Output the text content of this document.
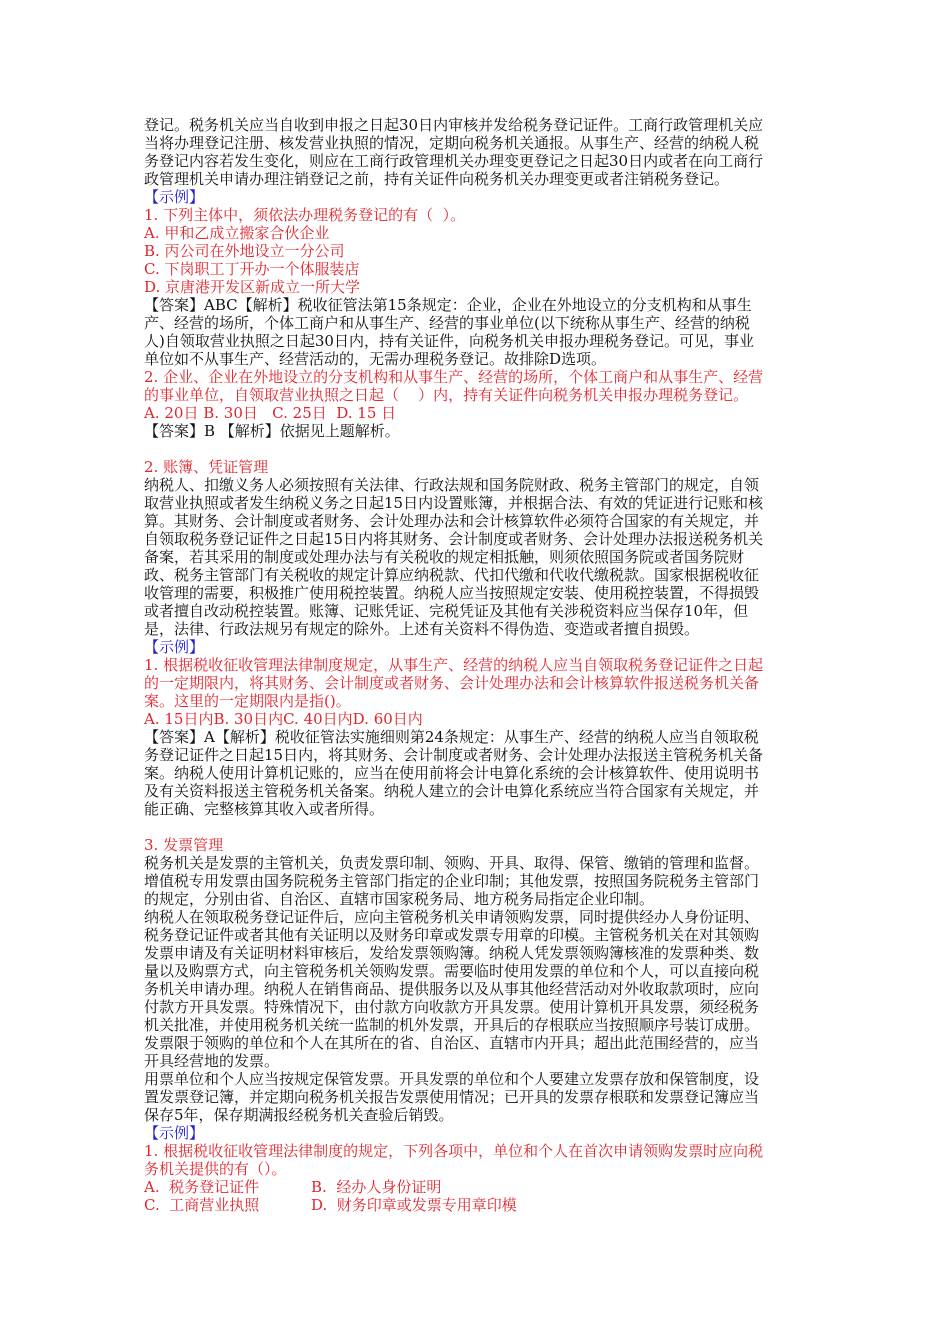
登记。税务机关应当自收到申报之日起30日内审核并发给税务登记证件。工商行政管理机关应

当将办理登记注册、核发营业执照的情况，定期向税务机关通报。从事生产、经营的纳税人税

务登记内容若发生变化，则应在工商行政管理机关办理变更登记之日起30日内或者在向工商行

政管理机关申请办理注销登记之前，持有关证件向税务机关办理变更或者注销税务登记。

【示例】

1. 下列主体中，须依法办理税务登记的有（  ）。

A. 甲和乙成立搬家合伙企业

B. 丙公司在外地设立一分公司

C. 下岗职工丁开办一个体服装店

D. 京唐港开发区新成立一所大学

【答案】ABC【解析】税收征管法第15条规定：企业，企业在外地设立的分支机构和从事生

产、经营的场所，个体工商户和从事生产、经营的事业单位(以下统称从事生产、经营的纳税

人)自领取营业执照之日起30日内，持有关证件，向税务机关申报办理税务登记。可见，事业

单位如不从事生产、经营活动的，无需办理税务登记。故排除D选项。

2. 企业、企业在外地设立的分支机构和从事生产、经营的场所，个体工商户和从事生产、经营

的事业单位，自领取营业执照之日起（    ）内，持有关证件向税务机关申报办理税务登记。

A. 20日 B. 30日   C. 25日  D. 15 日

【答案】B 【解析】依据见上题解析。

2. 账簿、凭证管理

纳税人、扣缴义务人必须按照有关法律、行政法规和国务院财政、税务主管部门的规定，自领

取营业执照或者发生纳税义务之日起15日内设置账簿，并根据合法、有效的凭证进行记账和核

算。其财务、会计制度或者财务、会计处理办法和会计核算软件必须符合国家的有关规定，并

自领取税务登记证件之日起15日内将其财务、会计制度或者财务、会计处理办法报送税务机关

备案，若其采用的制度或处理办法与有关税收的规定相抵触，则须依照国务院或者国务院财

政、税务主管部门有关税收的规定计算应纳税款、代扣代缴和代收代缴税款。国家根据税收征

收管理的需要，积极推广使用税控装置。纳税人应当按照规定安装、使用税控装置，不得损毁

或者擅自改动税控装置。账簿、记账凭证、完税凭证及其他有关涉税资料应当保存10年，但

是，法律、行政法规另有规定的除外。上述有关资料不得伪造、变造或者擅自损毁。

【示例】

1. 根据税收征收管理法律制度规定，从事生产、经营的纳税人应当自领取税务登记证件之日起

的一定期限内，将其财务、会计制度或者财务、会计处理办法和会计核算软件报送税务机关备

案。这里的一定期限内是指()。

A. 15日内B. 30日内C. 40日内D. 60日内

【答案】A【解析】税收征管法实施细则第24条规定：从事生产、经营的纳税人应当自领取税

务登记证件之日起15日内，将其财务、会计制度或者财务、会计处理办法报送主管税务机关备

案。纳税人使用计算机记账的，应当在使用前将会计电算化系统的会计核算软件、使用说明书

及有关资料报送主管税务机关备案。纳税人建立的会计电算化系统应当符合国家有关规定，并

能正确、完整核算其收入或者所得。

3. 发票管理

税务机关是发票的主管机关，负责发票印制、领购、开具、取得、保管、缴销的管理和监督。

增值税专用发票由国务院税务主管部门指定的企业印制；其他发票，按照国务院税务主管部门

的规定，分别由省、自治区、直辖市国家税务局、地方税务局指定企业印制。

纳税人在领取税务登记证件后，应向主管税务机关申请领购发票，同时提供经办人身份证明、

税务登记证件或者其他有关证明以及财务印章或发票专用章的印模。主管税务机关在对其领购

发票申请及有关证明材料审核后，发给发票领购簿。纳税人凭发票领购簿核准的发票种类、数

量以及购票方式，向主管税务机关领购发票。需要临时使用发票的单位和个人，可以直接向税

务机关申请办理。纳税人在销售商品、提供服务以及从事其他经营活动对外收取款项时，应向

付款方开具发票。特殊情况下，由付款方向收款方开具发票。使用计算机开具发票，须经税务

机关批准，并使用税务机关统一监制的机外发票，开具后的存根联应当按照顺序号装订成册。

发票限于领购的单位和个人在其所在的省、自治区、直辖市内开具；超出此范围经营的，应当

开具经营地的发票。

用票单位和个人应当按规定保管发票。开具发票的单位和个人要建立发票存放和保管制度，设

置发票登记簿，并定期向税务机关报告发票使用情况；已开具的发票存根联和发票登记簿应当

保存5年，保存期满报经税务机关查验后销毁。

【示例】

1. 根据税收征收管理法律制度的规定，下列各项中，单位和个人在首次申请领购发票时应向税

务机关提供的有（）。

A.  税务登记证件	B.  经办人身份证明
C.  工商营业执照	D.  财务印章或发票专用章印模
